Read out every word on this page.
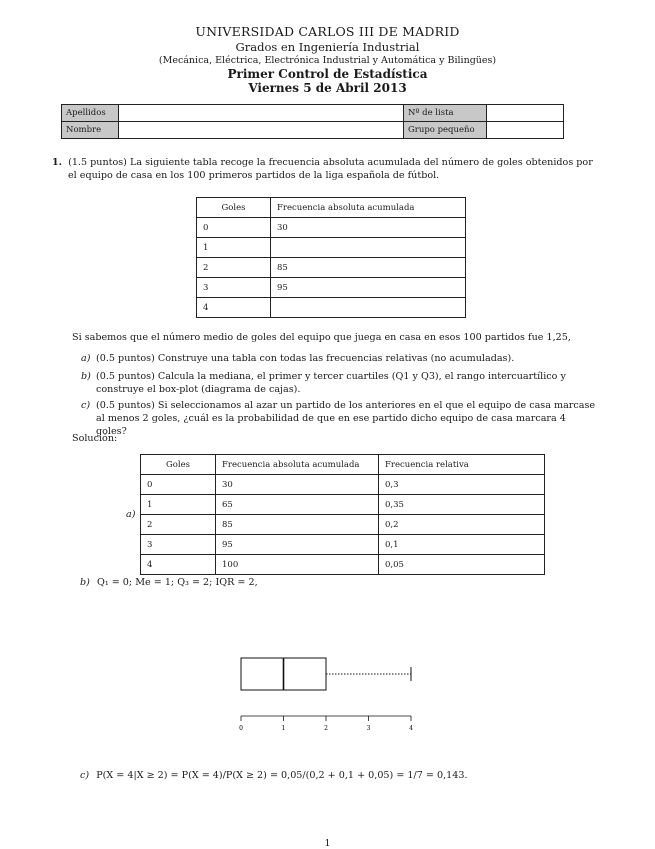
UNIVERSIDAD CARLOS III DE MADRID
Grados en Ingeniería Industrial
(Mecánica, Eléctrica, Electrónica Industrial y Automática y Bilingües)
Primer Control de Estadística
Viernes 5 de Abril 2013
Apellidos		Nº de lista	
Nombre		Grupo pequeño	
1. (1.5 puntos) La siguiente tabla recoge la frecuencia absoluta acumulada del número de goles obtenidos por el equipo de casa en los 100 primeros partidos de la liga española de fútbol.
Goles	Frecuencia absoluta acumulada
0	30
1	
2	85
3	95
4	
Si sabemos que el número medio de goles del equipo que juega en casa en esos 100 partidos fue 1,25,
a) (0.5 puntos) Construye una tabla con todas las frecuencias relativas (no acumuladas).
b) (0.5 puntos) Calcula la mediana, el primer y tercer cuartiles (Q1 y Q3), el rango intercuartílico y construye el box-plot (diagrama de cajas).
c) (0.5 puntos) Si seleccionamos al azar un partido de los anteriores en el que el equipo de casa marcase al menos 2 goles, ¿cuál es la probabilidad de que en ese partido dicho equipo de casa marcara 4 goles?
Solución:
a)
Goles	Frecuencia absoluta acumulada	Frecuencia relativa
0	30	0,3
1	65	0,35
2	85	0,2
3	95	0,1
4	100	0,05
b) Q₁ = 0; Me = 1; Q₃ = 2; IQR = 2,
0	1	2	3	4
c) P(X = 4|X ≥ 2) = P(X = 4)/P(X ≥ 2) = 0,05/(0,2 + 0,1 + 0,05) = 1/7 = 0,143.
1
